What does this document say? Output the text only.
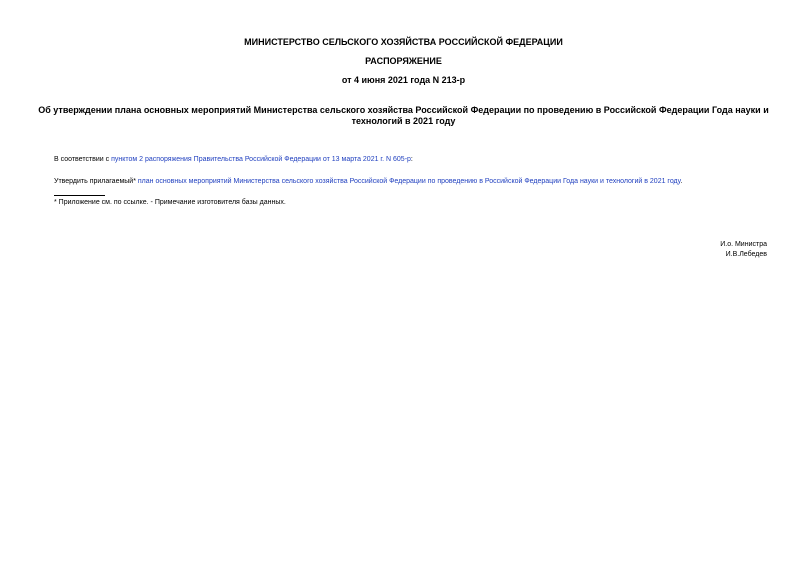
МИНИСТЕРСТВО СЕЛЬСКОГО ХОЗЯЙСТВА РОССИЙСКОЙ ФЕДЕРАЦИИ
РАСПОРЯЖЕНИЕ
от 4 июня 2021 года N 213-р
Об утверждении плана основных мероприятий Министерства сельского хозяйства Российской Федерации по проведению в Российской Федерации Года науки и технологий в 2021 году
В соответствии с пунктом 2 распоряжения Правительства Российской Федерации от 13 марта 2021 г. N 605-р:
Утвердить прилагаемый* план основных мероприятий Министерства сельского хозяйства Российской Федерации по проведению в Российской Федерации Года науки и технологий в 2021 году.
* Приложение см. по ссылке. - Примечание изготовителя базы данных.
И.о. Министра
И.В.Лебедев
